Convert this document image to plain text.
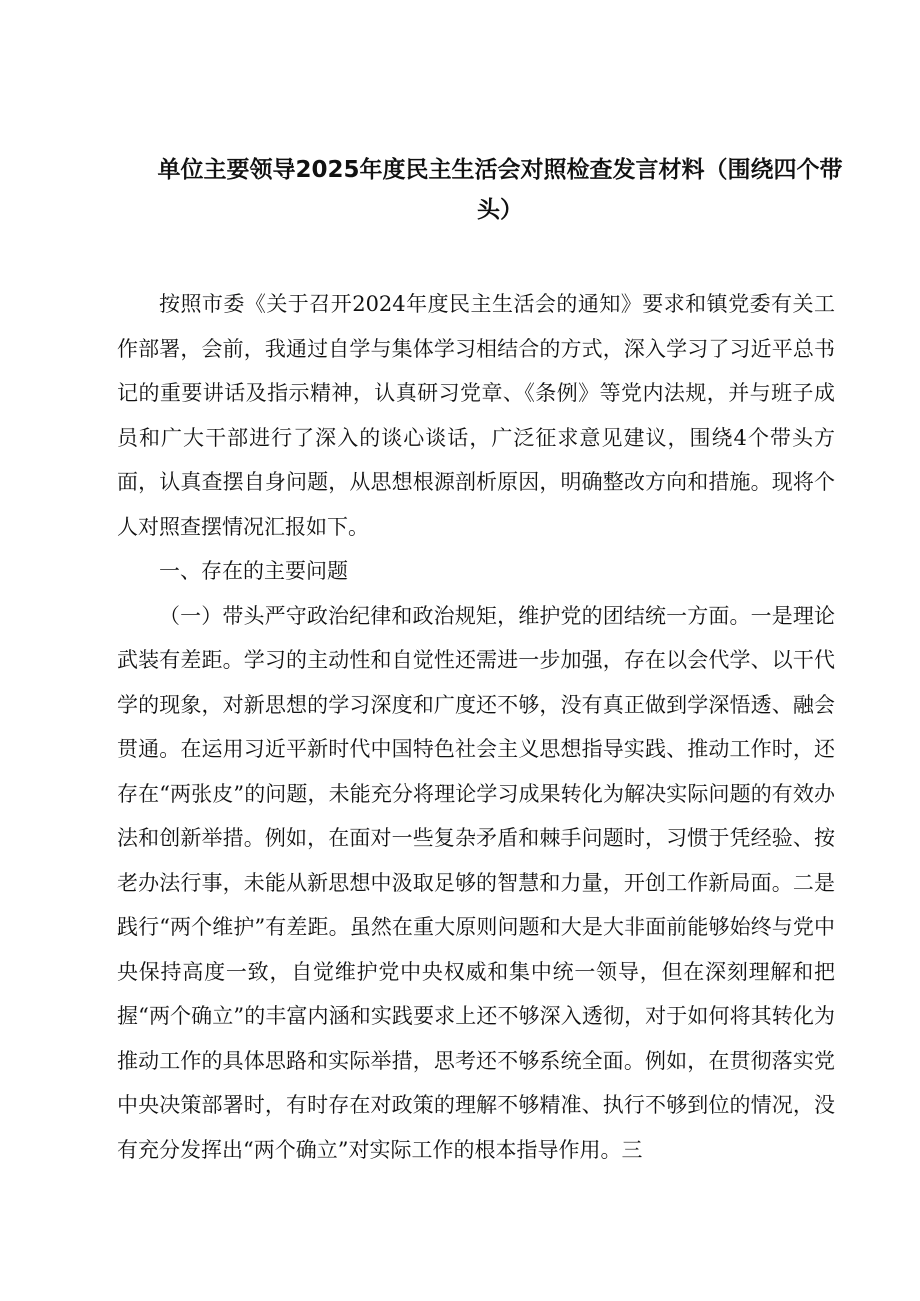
单位主要领导2025年度民主生活会对照检查发言材料（围绕四个带头）

按照市委《关于召开2024年度民主生活会的通知》要求和镇党委有关工作部署，会前，我通过自学与集体学习相结合的方式，深入学习了习近平总书记的重要讲话及指示精神，认真研习党章、《条例》等党内法规，并与班子成员和广大干部进行了深入的谈心谈话，广泛征求意见建议，围绕4个带头方面，认真查摆自身问题，从思想根源剖析原因，明确整改方向和措施。现将个人对照查摆情况汇报如下。

一、存在的主要问题

（一）带头严守政治纪律和政治规矩，维护党的团结统一方面。一是理论武装有差距。学习的主动性和自觉性还需进一步加强，存在以会代学、以干代学的现象，对新思想的学习深度和广度还不够，没有真正做到学深悟透、融会贯通。在运用习近平新时代中国特色社会主义思想指导实践、推动工作时，还存在“两张皮”的问题，未能充分将理论学习成果转化为解决实际问题的有效办法和创新举措。例如，在面对一些复杂矛盾和棘手问题时，习惯于凭经验、按老办法行事，未能从新思想中汲取足够的智慧和力量，开创工作新局面。二是践行“两个维护”有差距。虽然在重大原则问题和大是大非面前能够始终与党中央保持高度一致，自觉维护党中央权威和集中统一领导，但在深刻理解和把握“两个确立”的丰富内涵和实践要求上还不够深入透彻，对于如何将其转化为推动工作的具体思路和实际举措，思考还不够系统全面。例如，在贯彻落实党中央决策部署时，有时存在对政策的理解不够精准、执行不够到位的情况，没有充分发挥出“两个确立”对实际工作的根本指导作用。三
